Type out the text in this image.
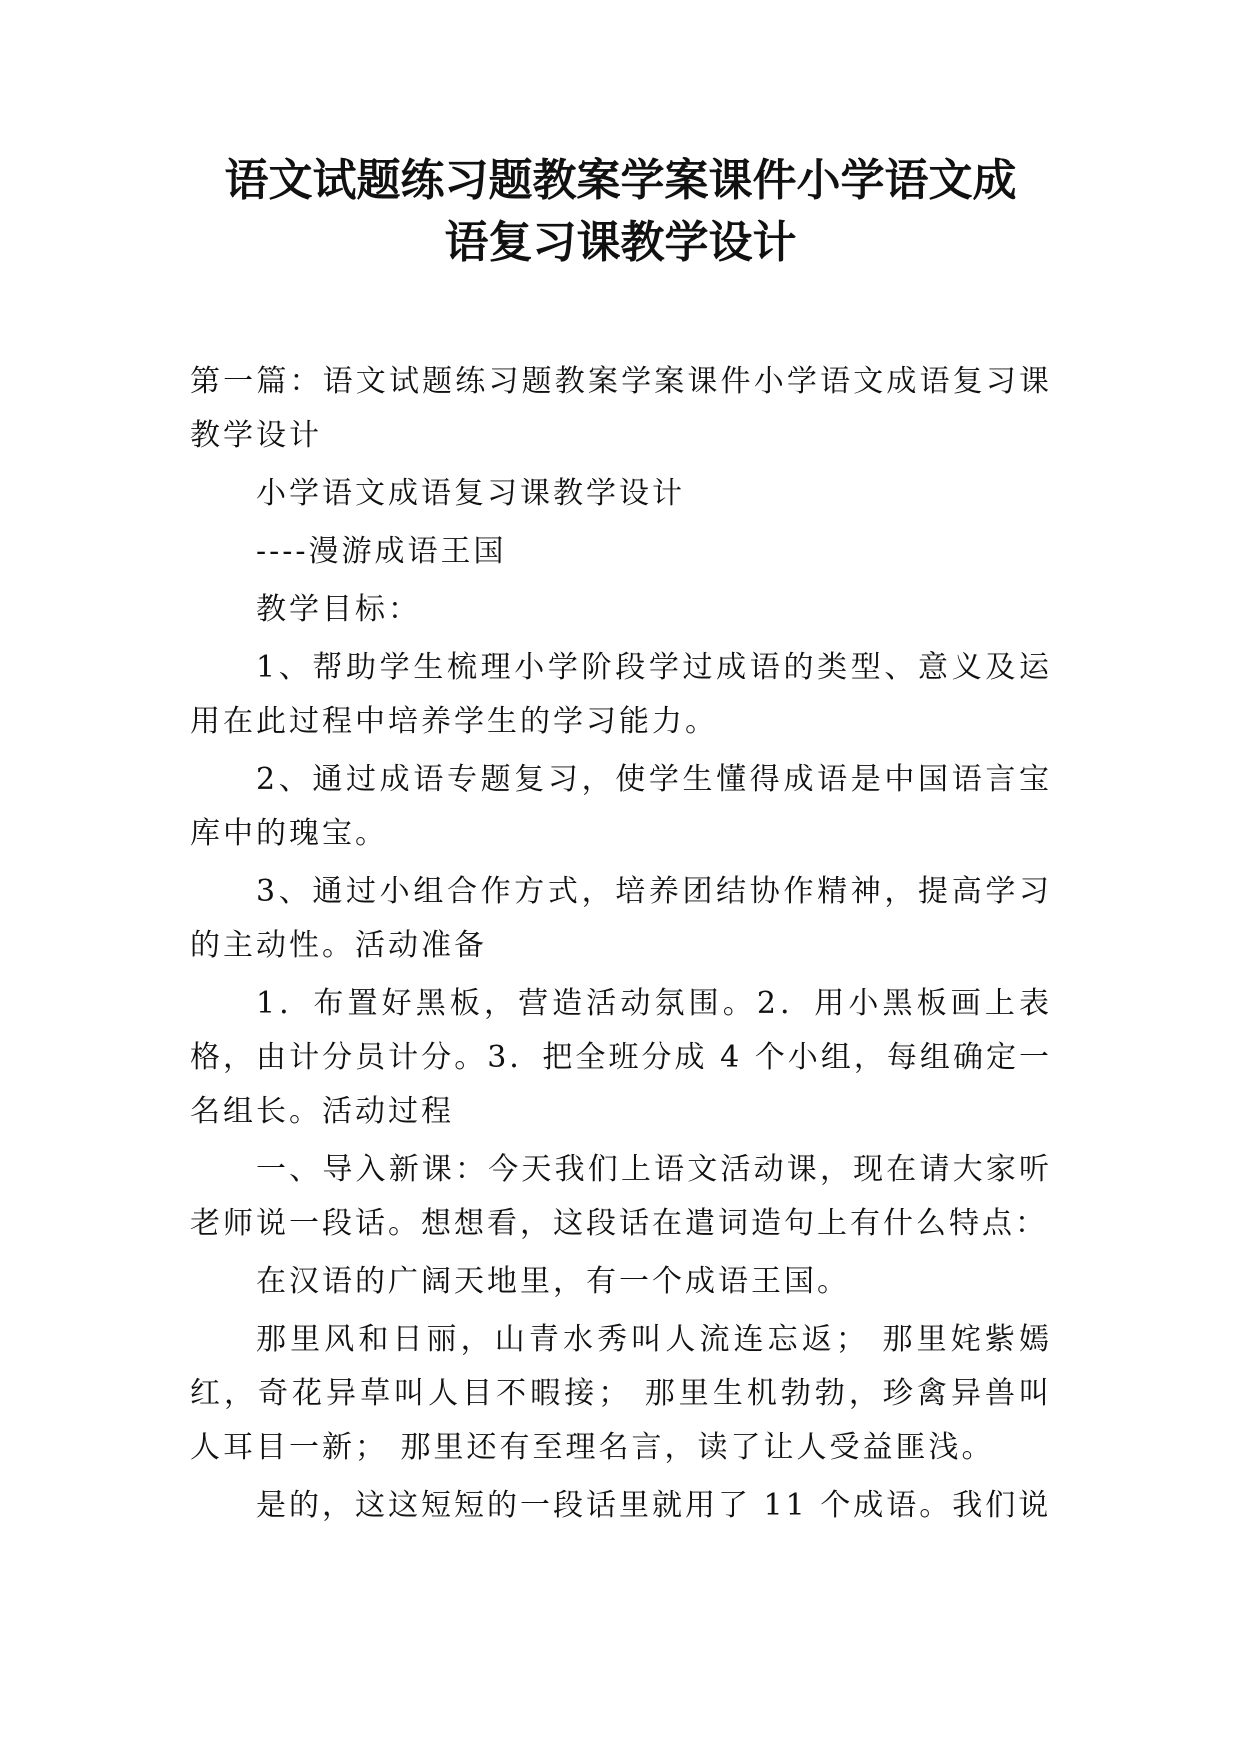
语文试题练习题教案学案课件小学语文成
语复习课教学设计

第一篇：语文试题练习题教案学案课件小学语文成语复习课教学设计

小学语文成语复习课教学设计

----漫游成语王国

教学目标：

1、帮助学生梳理小学阶段学过成语的类型、意义及运用在此过程中培养学生的学习能力。

2、通过成语专题复习，使学生懂得成语是中国语言宝库中的瑰宝。

3、通过小组合作方式，培养团结协作精神，提高学习的主动性。活动准备

1．布置好黑板，营造活动氛围。2．用小黑板画上表格，由计分员计分。3．把全班分成 4 个小组，每组确定一名组长。活动过程

一、导入新课：今天我们上语文活动课，现在请大家听老师说一段话。想想看，这段话在遣词造句上有什么特点：

在汉语的广阔天地里，有一个成语王国。

那里风和日丽，山青水秀叫人流连忘返； 那里姹紫嫣红，奇花异草叫人目不暇接； 那里生机勃勃，珍禽异兽叫人耳目一新； 那里还有至理名言，读了让人受益匪浅。

是的，这这短短的一段话里就用了 11 个成语。我们说
